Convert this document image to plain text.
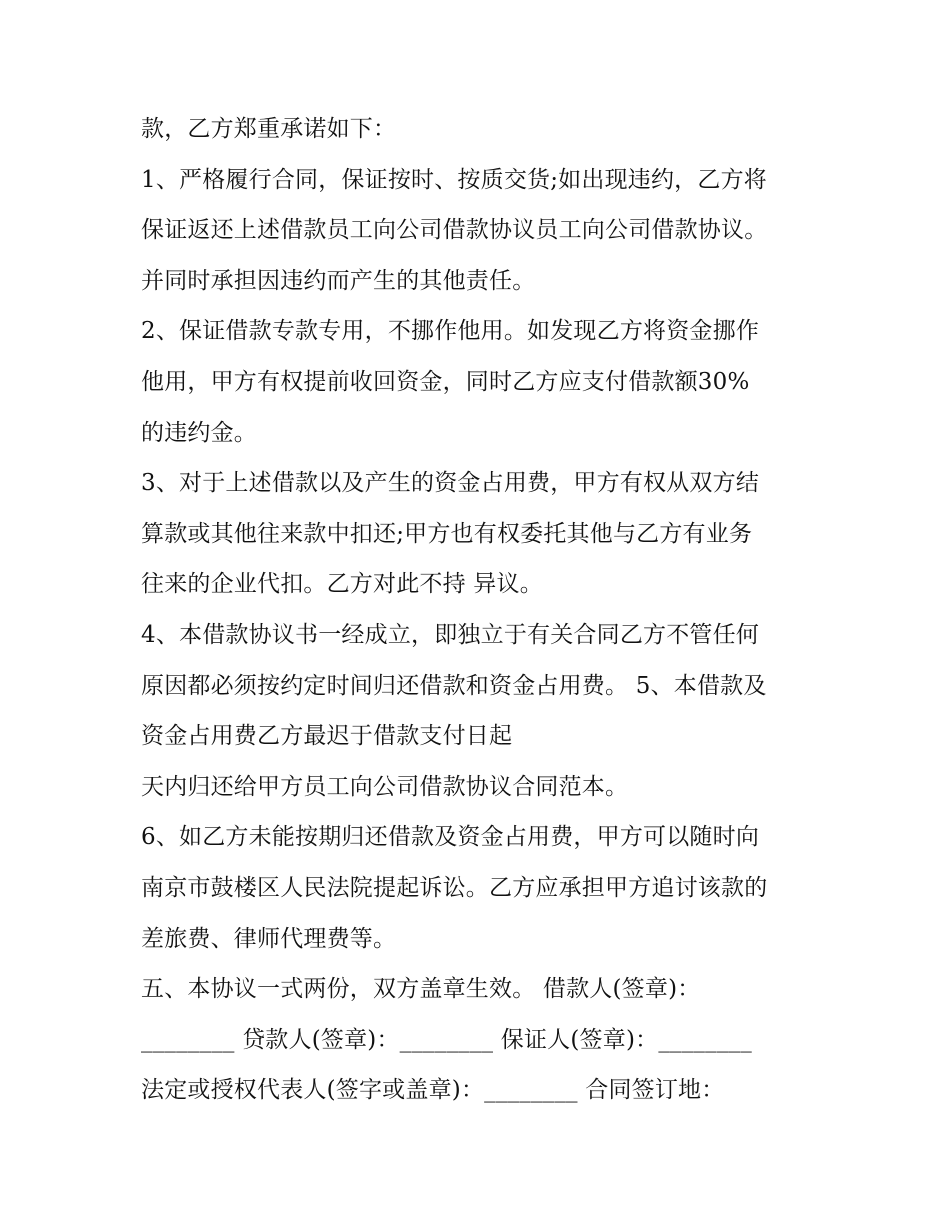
款，乙方郑重承诺如下：
1、严格履行合同，保证按时、按质交货;如出现违约，乙方将
保证返还上述借款员工向公司借款协议员工向公司借款协议。
并同时承担因违约而产生的其他责任。
2、保证借款专款专用，不挪作他用。如发现乙方将资金挪作
他用，甲方有权提前收回资金，同时乙方应支付借款额30%
的违约金。
3、对于上述借款以及产生的资金占用费，甲方有权从双方结
算款或其他往来款中扣还;甲方也有权委托其他与乙方有业务
往来的企业代扣。乙方对此不持 异议。
4、本借款协议书一经成立，即独立于有关合同乙方不管任何
原因都必须按约定时间归还借款和资金占用费。 5、本借款及
资金占用费乙方最迟于借款支付日起
天内归还给甲方员工向公司借款协议合同范本。
6、如乙方未能按期归还借款及资金占用费，甲方可以随时向
南京市鼓楼区人民法院提起诉讼。乙方应承担甲方追讨该款的
差旅费、律师代理费等。
五、本协议一式两份，双方盖章生效。 借款人(签章)：
________ 贷款人(签章)：________ 保证人(签章)：________
法定或授权代表人(签字或盖章)：________ 合同签订地：
